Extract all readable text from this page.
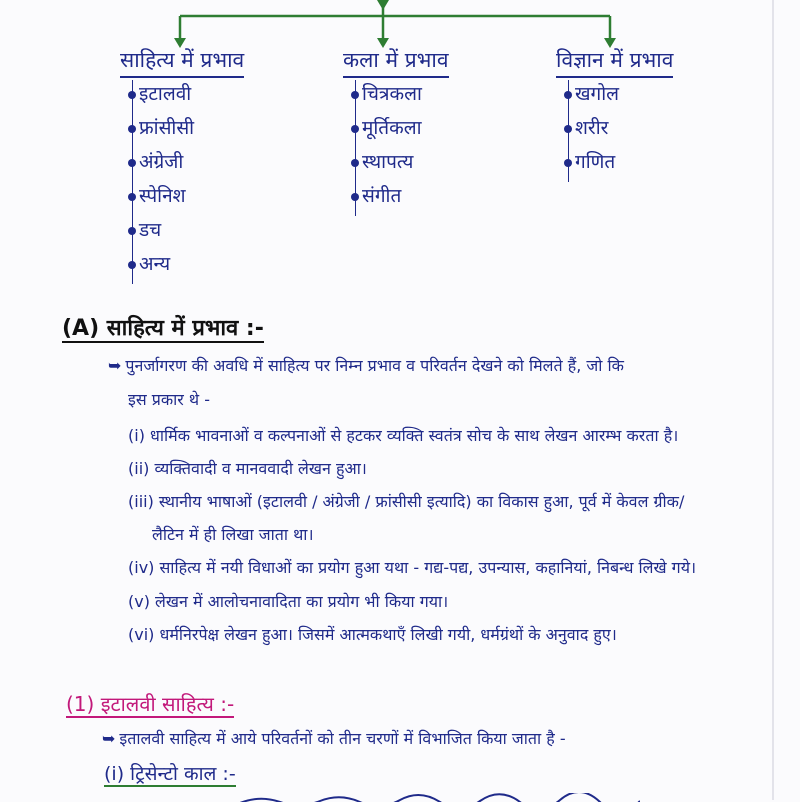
साहित्य में प्रभाव
इटालवी
फ्रांसीसी
अंग्रेजी
स्पेनिश
डच
अन्य
कला में प्रभाव
चित्रकला
मूर्तिकला
स्थापत्य
संगीत
विज्ञान में प्रभाव
खगोल
शरीर
गणित
(A) साहित्य में प्रभाव :-
➥ पुनर्जागरण की अवधि में साहित्य पर निम्न प्रभाव व परिवर्तन देखने को मिलते हैं, जो कि
इस प्रकार थे -
(i) धार्मिक भावनाओं व कल्पनाओं से हटकर व्यक्ति स्वतंत्र सोच के साथ लेखन आरम्भ करता है।
(ii) व्यक्तिवादी व मानववादी लेखन हुआ।
(iii) स्थानीय भाषाओं (इटालवी / अंग्रेजी / फ्रांसीसी इत्यादि) का विकास हुआ, पूर्व में केवल ग्रीक/
लैटिन में ही लिखा जाता था।
(iv) साहित्य में नयी विधाओं का प्रयोग हुआ यथा - गद्य-पद्य, उपन्यास, कहानियां, निबन्ध लिखे गये।
(v) लेखन में आलोचनावादिता का प्रयोग भी किया गया।
(vi) धर्मनिरपेक्ष लेखन हुआ। जिसमें आत्मकथाएँ लिखी गयी, धर्मग्रंथों के अनुवाद हुए।
(1) इटालवी साहित्य :-
➥ इतालवी साहित्य में आये परिवर्तनों को तीन चरणों में विभाजित किया जाता है -
(i) ट्रिसेन्टो काल :-
